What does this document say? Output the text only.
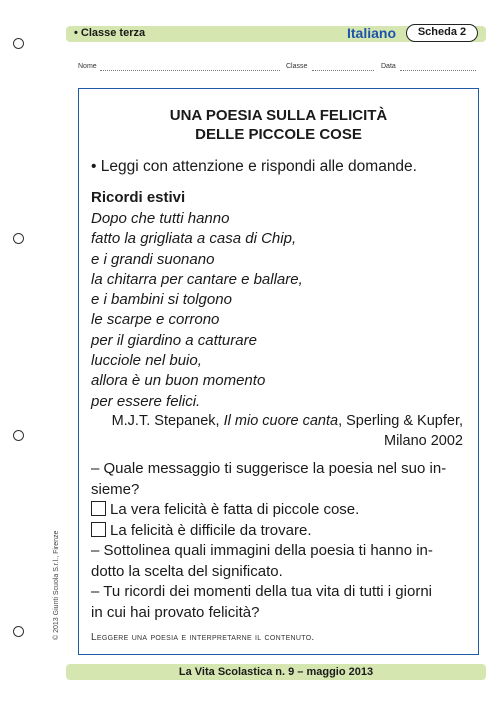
• Classe terza	Italiano	Scheda 2
Nome	Classe	Data
UNA POESIA SULLA FELICITÀ
DELLE PICCOLE COSE
• Leggi con attenzione e rispondi alle domande.
Ricordi estivi
Dopo che tutti hanno
fatto la grigliata a casa di Chip,
e i grandi suonano
la chitarra per cantare e ballare,
e i bambini si tolgono
le scarpe e corrono
per il giardino a catturare
lucciole nel buio,
allora è un buon momento
per essere felici.
M.J.T. Stepanek, Il mio cuore canta, Sperling & Kupfer,
Milano 2002
– Quale messaggio ti suggerisce la poesia nel suo in-
sieme?
La vera felicità è fatta di piccole cose.
La felicità è difficile da trovare.
– Sottolinea quali immagini della poesia ti hanno in-
dotto la scelta del significato.
– Tu ricordi dei momenti della tua vita di tutti i giorni
in cui hai provato felicità?
Leggere una poesia e interpretarne il contenuto.
© 2013 Giunti Scuola S.r.l., Firenze
La Vita Scolastica n. 9 – maggio 2013
